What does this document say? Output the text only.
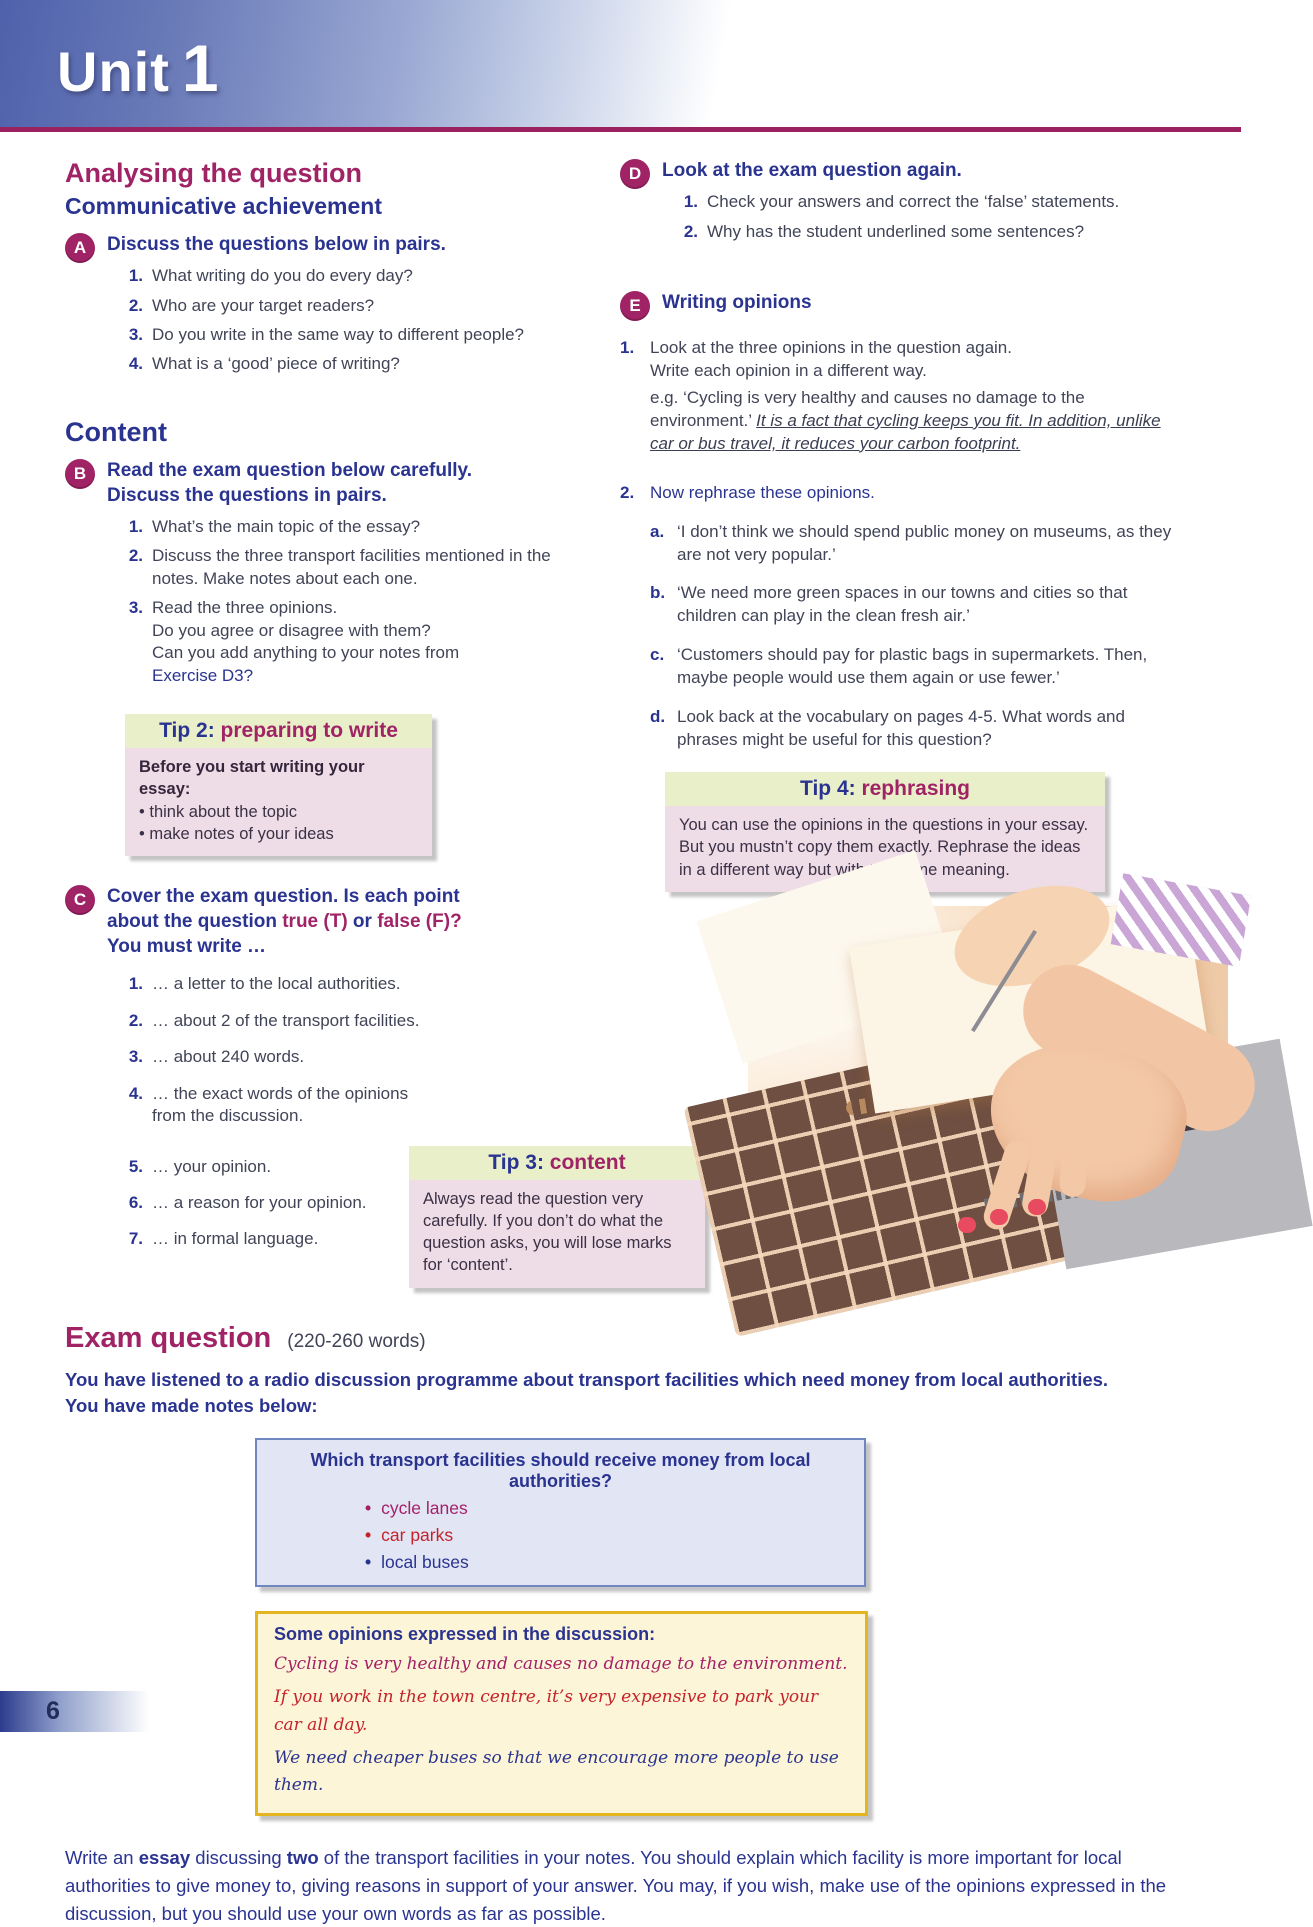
Unit 1
Analysing the question
Communicative achievement
A	Discuss the questions below in pairs.
1. What writing do you do every day?
2. Who are your target readers?
3. Do you write in the same way to different people?
4. What is a ‘good’ piece of writing?
Content
B	Read the exam question below carefully.
Discuss the questions in pairs.
1. What’s the main topic of the essay?
2. Discuss the three transport facilities mentioned in the notes. Make notes about each one.
3. Read the three opinions.
Do you agree or disagree with them?
Can you add anything to your notes from
Exercise D3?
Tip 2: preparing to write
Before you start writing your essay:
• think about the topic
• make notes of your ideas
C	Cover the exam question. Is each point
about the question true (T) or false (F)?
You must write …
1. … a letter to the local authorities.
2. … about 2 of the transport facilities.
3. … about 240 words.
4. … the exact words of the opinions from the discussion.
5. … your opinion.
6. … a reason for your opinion.
7. … in formal language.
Tip 3: content
Always read the question very carefully. If you don’t do what the question asks, you will lose marks for ‘content’.
D	Look at the exam question again.
1. Check your answers and correct the ‘false’ statements.
2. Why has the student underlined some sentences?
E	Writing opinions
1. Look at the three opinions in the question again.
Write each opinion in a different way.
e.g. ‘Cycling is very healthy and causes no damage to the environment.’ It is a fact that cycling keeps you fit. In addition, unlike car or bus travel, it reduces your carbon footprint.
2. Now rephrase these opinions.
a. ‘I don’t think we should spend public money on museums, as they are not very popular.’
b. ‘We need more green spaces in our towns and cities so that children can play in the clean fresh air.’
c. ‘Customers should pay for plastic bags in supermarkets. Then, maybe people would use them again or use fewer.’
d. Look back at the vocabulary on pages 4-5. What words and phrases might be useful for this question?
Tip 4: rephrasing
You can use the opinions in the questions in your essay. But you mustn’t copy them exactly. Rephrase the ideas in a different way but with the same meaning.
Exam question (220-260 words)
You have listened to a radio discussion programme about transport facilities which need money from local authorities.
You have made notes below:
Which transport facilities should receive money from local authorities?
• cycle lanes
• car parks
• local buses
Some opinions expressed in the discussion:
Cycling is very healthy and causes no damage to the environment.
If you work in the town centre, it’s very expensive to park your car all day.
We need cheaper buses so that we encourage more people to use them.
Write an essay discussing two of the transport facilities in your notes. You should explain which facility is more important for local authorities to give money to, giving reasons in support of your answer. You may, if you wish, make use of the opinions expressed in the discussion, but you should use your own words as far as possible.
6
